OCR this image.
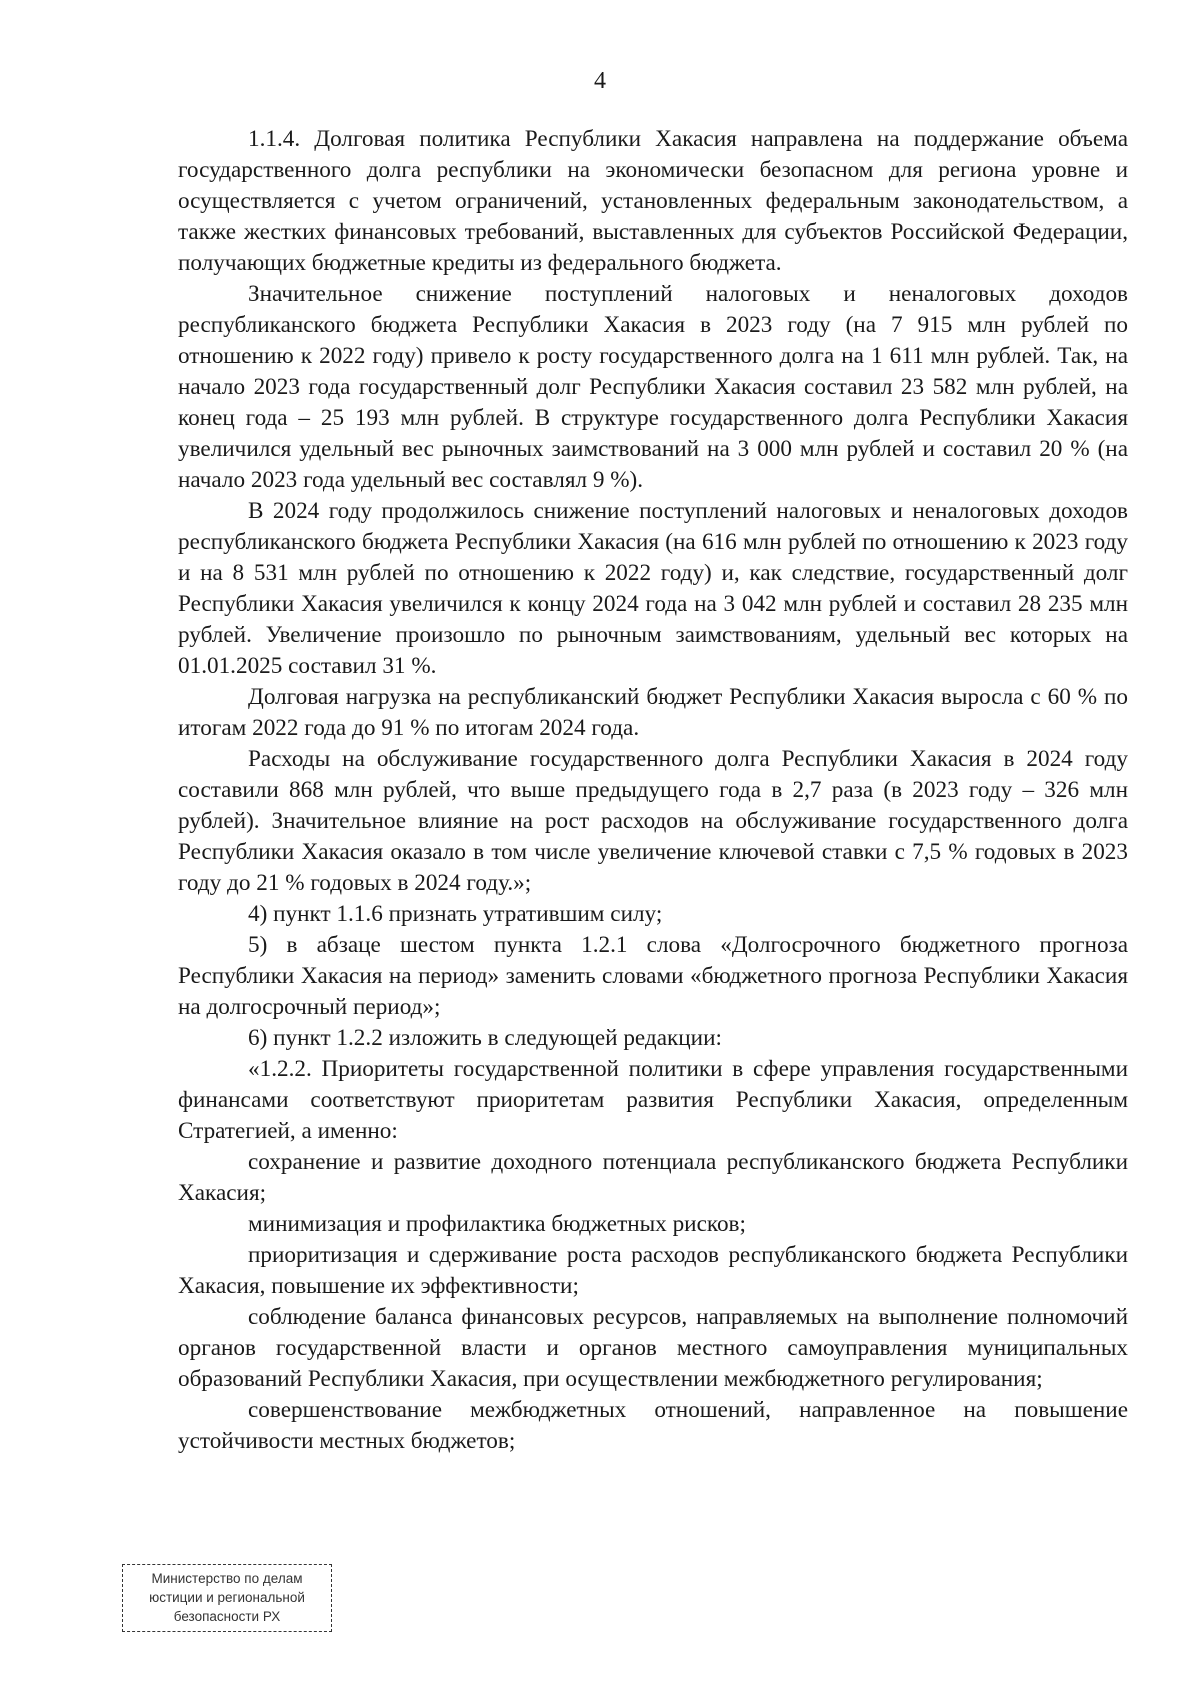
4

1.1.4. Долговая политика Республики Хакасия направлена на поддержание объема государственного долга республики на экономически безопасном для региона уровне и осуществляется с учетом ограничений, установленных федеральным законодательством, а также жестких финансовых требований, выставленных для субъектов Российской Федерации, получающих бюджетные кредиты из федерального бюджета.

Значительное снижение поступлений налоговых и неналоговых доходов республиканского бюджета Республики Хакасия в 2023 году (на 7 915 млн рублей по отношению к 2022 году) привело к росту государственного долга на 1 611 млн рублей. Так, на начало 2023 года государственный долг Республики Хакасия составил 23 582 млн рублей, на конец года – 25 193 млн рублей. В структуре государственного долга Республики Хакасия увеличился удельный вес рыночных заимствований на 3 000 млн рублей и составил 20 % (на начало 2023 года удельный вес составлял 9 %).

В 2024 году продолжилось снижение поступлений налоговых и неналоговых доходов республиканского бюджета Республики Хакасия (на 616 млн рублей по отношению к 2023 году и на 8 531 млн рублей по отношению к 2022 году) и, как следствие, государственный долг Республики Хакасия увеличился к концу 2024 года на 3 042 млн рублей и составил 28 235 млн рублей. Увеличение произошло по рыночным заимствованиям, удельный вес которых на 01.01.2025 составил 31 %.

Долговая нагрузка на республиканский бюджет Республики Хакасия выросла с 60 % по итогам 2022 года до 91 % по итогам 2024 года.

Расходы на обслуживание государственного долга Республики Хакасия в 2024 году составили 868 млн рублей, что выше предыдущего года в 2,7 раза (в 2023 году – 326 млн рублей). Значительное влияние на рост расходов на обслуживание государственного долга Республики Хакасия оказало в том числе увеличение ключевой ставки с 7,5 % годовых в 2023 году до 21 % годовых в 2024 году.»;

4) пункт 1.1.6 признать утратившим силу;

5) в абзаце шестом пункта 1.2.1 слова «Долгосрочного бюджетного прогноза Республики Хакасия на период» заменить словами «бюджетного прогноза Республики Хакасия на долгосрочный период»;

6) пункт 1.2.2 изложить в следующей редакции:

«1.2.2. Приоритеты государственной политики в сфере управления государственными финансами соответствуют приоритетам развития Республики Хакасия, определенным Стратегией, а именно:

сохранение и развитие доходного потенциала республиканского бюджета Республики Хакасия;

минимизация и профилактика бюджетных рисков;

приоритизация и сдерживание роста расходов республиканского бюджета Республики Хакасия, повышение их эффективности;

соблюдение баланса финансовых ресурсов, направляемых на выполнение полномочий органов государственной власти и органов местного самоуправления муниципальных образований Республики Хакасия, при осуществлении межбюджетного регулирования;

совершенствование межбюджетных отношений, направленное на повышение устойчивости местных бюджетов;

Министерство по делам
юстиции и региональной
безопасности РХ
